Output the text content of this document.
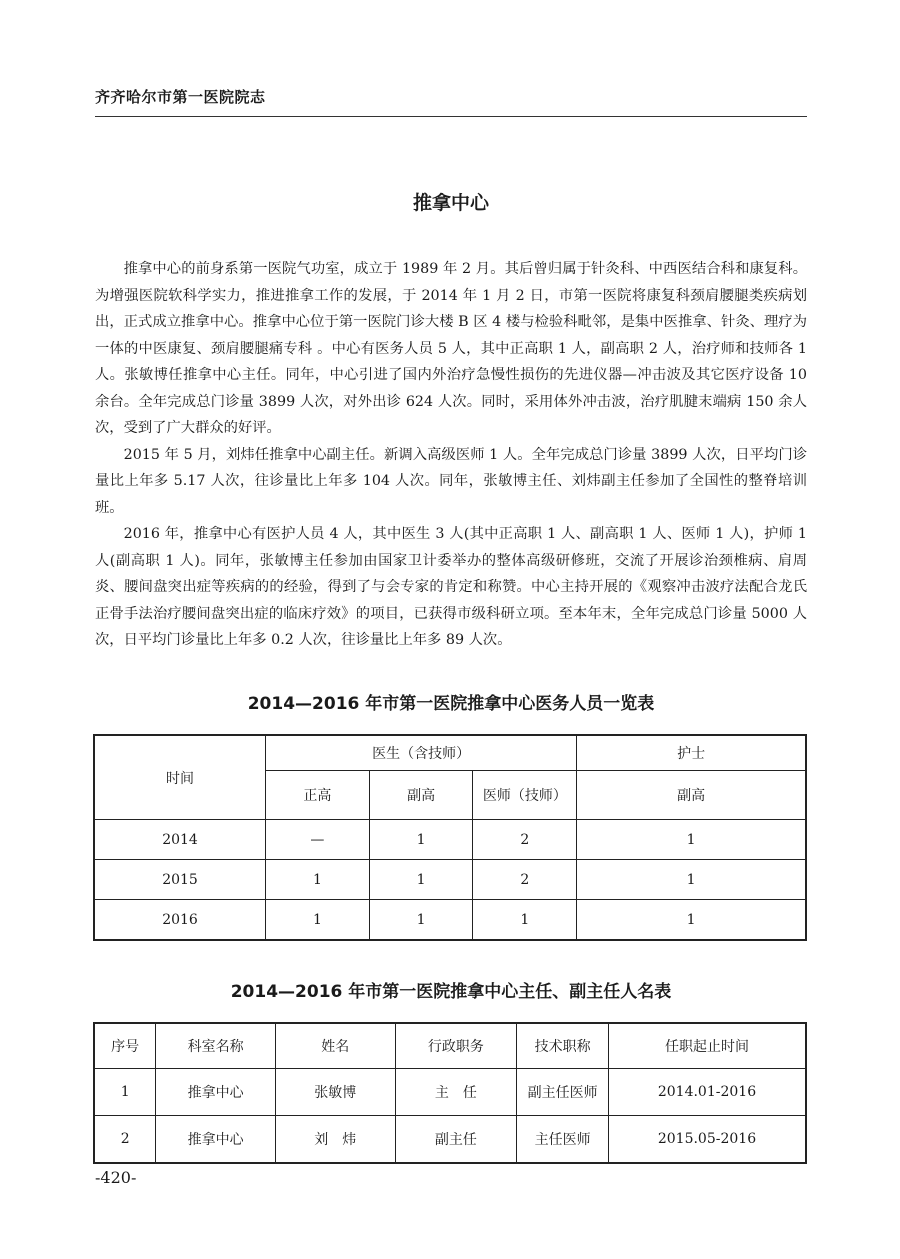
齐齐哈尔市第一医院院志
推拿中心

推拿中心的前身系第一医院气功室，成立于 1989 年 2 月。其后曾归属于针灸科、中西医结合科和康复科。为增强医院软科学实力，推进推拿工作的发展，于 2014 年 1 月 2 日，市第一医院将康复科颈肩腰腿类疾病划出，正式成立推拿中心。推拿中心位于第一医院门诊大楼 B 区 4 楼与检验科毗邻，是集中医推拿、针灸、理疗为一体的中医康复、颈肩腰腿痛专科 。中心有医务人员 5 人，其中正高职 1 人，副高职 2 人，治疗师和技师各 1 人。张敏博任推拿中心主任。同年，中心引进了国内外治疗急慢性损伤的先进仪器—冲击波及其它医疗设备 10 余台。全年完成总门诊量 3899 人次，对外出诊 624 人次。同时，采用体外冲击波，治疗肌腱末端病 150 余人次，受到了广大群众的好评。

2015 年 5 月，刘炜任推拿中心副主任。新调入高级医师 1 人。全年完成总门诊量 3899 人次，日平均门诊量比上年多 5.17 人次，往诊量比上年多 104 人次。同年，张敏博主任、刘炜副主任参加了全国性的整脊培训班。

2016 年，推拿中心有医护人员 4 人，其中医生 3 人(其中正高职 1 人、副高职 1 人、医师 1 人)，护师 1 人(副高职 1 人)。同年，张敏博主任参加由国家卫计委举办的整体高级研修班，交流了开展诊治颈椎病、肩周炎、腰间盘突出症等疾病的的经验，得到了与会专家的肯定和称赞。中心主持开展的《观察冲击波疗法配合龙氏正骨手法治疗腰间盘突出症的临床疗效》的项目，已获得市级科研立项。至本年末，全年完成总门诊量 5000 人次，日平均门诊量比上年多 0.2 人次，往诊量比上年多 89 人次。

2014—2016 年市第一医院推拿中心医务人员一览表
时间	医生（含技师）			护士
	正高	副高	医师（技师）	副高
2014	—	1	2	1
2015	1	1	2	1
2016	1	1	1	1
2014—2016 年市第一医院推拿中心主任、副主任人名表
序号	科室名称	姓名	行政职务	技术职称	任职起止时间
1	推拿中心	张敏博	主　任	副主任医师	2014.01-2016
2	推拿中心	刘　炜	副主任	主任医师	2015.05-2016
-420-
